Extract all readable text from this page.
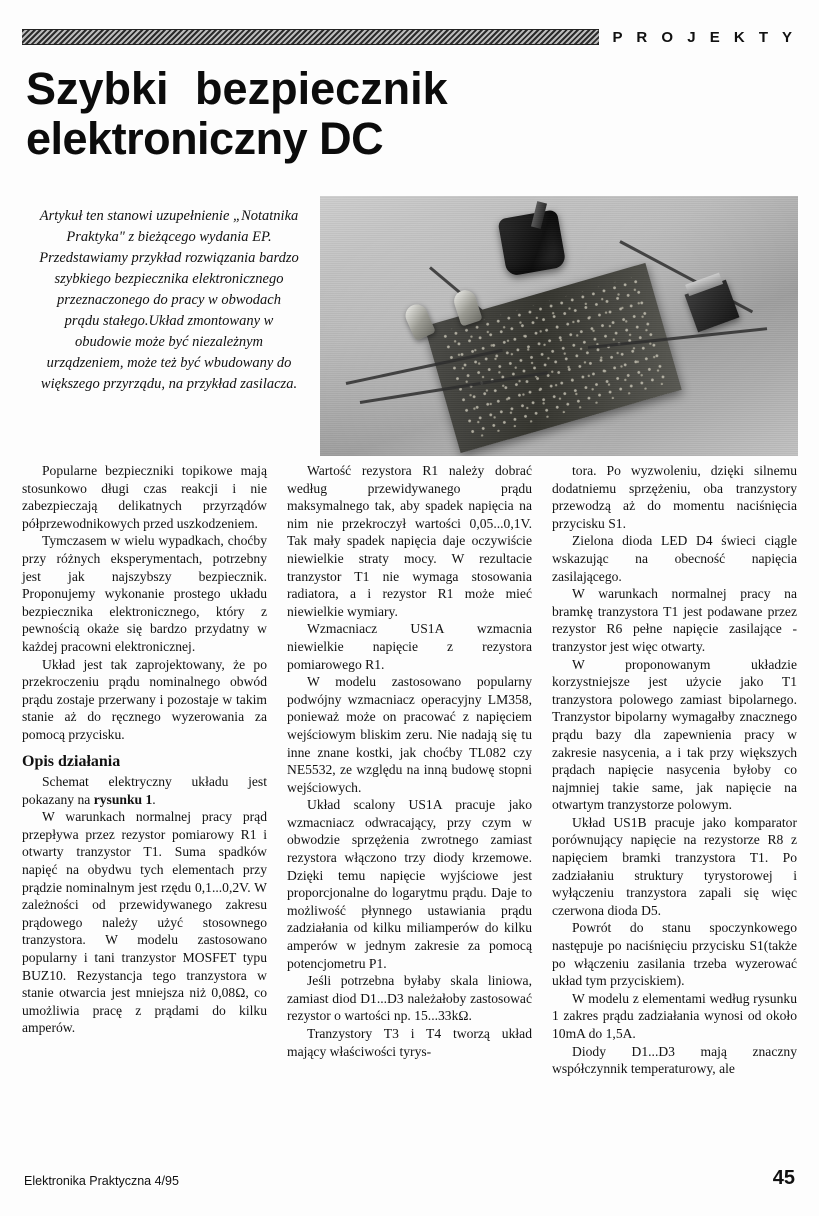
P R O J E K T Y
Szybki bezpiecznik
elektroniczny DC
Artykuł ten stanowi uzupełnienie „Notatnika Praktyka" z bieżącego wydania EP. Przedstawiamy przykład rozwiązania bardzo szybkiego bezpiecznika elektronicznego przeznaczonego do pracy w obwodach prądu stałego.Układ zmontowany w obudowie może być niezależnym urządzeniem, może też być wbudowany do większego przyrządu, na przykład zasilacza.

Popularne bezpieczniki topikowe mają stosunkowo długi czas reakcji i nie zabezpieczają delikatnych przyrządów półprzewodnikowych przed uszkodzeniem.

Tymczasem w wielu wypadkach, choćby przy różnych eksperymentach, potrzebny jest jak najszybszy bezpiecznik. Proponujemy wykonanie prostego układu bezpiecznika elektronicznego, który z pewnością okaże się bardzo przydatny w każdej pracowni elektronicznej.

Układ jest tak zaprojektowany, że po przekroczeniu prądu nominalnego obwód prądu zostaje przerwany i pozostaje w takim stanie aż do ręcznego wyzerowania za pomocą przycisku.

Opis działania

Schemat elektryczny układu jest pokazany na rysunku 1.

W warunkach normalnej pracy prąd przepływa przez rezystor pomiarowy R1 i otwarty tranzystor T1. Suma spadków napięć na obydwu tych elementach przy prądzie nominalnym jest rzędu 0,1...0,2V. W zależności od przewidywanego zakresu prądowego należy użyć stosownego tranzystora. W modelu zastosowano popularny i tani tranzystor MOSFET typu BUZ10. Rezystancja tego tranzystora w stanie otwarcia jest mniejsza niż 0,08Ω, co umożliwia pracę z prądami do kilku amperów.

Wartość rezystora R1 należy dobrać według przewidywanego prądu maksymalnego tak, aby spadek napięcia na nim nie przekroczył wartości 0,05...0,1V. Tak mały spadek napięcia daje oczywiście niewielkie straty mocy. W rezultacie tranzystor T1 nie wymaga stosowania radiatora, a i rezystor R1 może mieć niewielkie wymiary.

Wzmacniacz US1A wzmacnia niewielkie napięcie z rezystora pomiarowego R1.

W modelu zastosowano popularny podwójny wzmacniacz operacyjny LM358, ponieważ może on pracować z napięciem wejściowym bliskim zeru. Nie nadają się tu inne znane kostki, jak choćby TL082 czy NE5532, ze względu na inną budowę stopni wejściowych.

Układ scalony US1A pracuje jako wzmacniacz odwracający, przy czym w obwodzie sprzężenia zwrotnego zamiast rezystora włączono trzy diody krzemowe. Dzięki temu napięcie wyjściowe jest proporcjonalne do logarytmu prądu. Daje to możliwość płynnego ustawiania prądu zadziałania od kilku miliamperów do kilku amperów w jednym zakresie za pomocą potencjometru P1.

Jeśli potrzebna byłaby skala liniowa, zamiast diod D1...D3 należałoby zastosować rezystor o wartości np. 15...33kΩ.

Tranzystory T3 i T4 tworzą układ mający właściwości tyrys-

tora. Po wyzwoleniu, dzięki silnemu dodatniemu sprzężeniu, oba tranzystory przewodzą aż do momentu naciśnięcia przycisku S1.

Zielona dioda LED D4 świeci ciągle wskazując na obecność napięcia zasilającego.

W warunkach normalnej pracy na bramkę tranzystora T1 jest podawane przez rezystor R6 pełne napięcie zasilające - tranzystor jest więc otwarty.

W proponowanym układzie korzystniejsze jest użycie jako T1 tranzystora polowego zamiast bipolarnego. Tranzystor bipolarny wymagałby znacznego prądu bazy dla zapewnienia pracy w zakresie nasycenia, a i tak przy większych prądach napięcie nasycenia byłoby co najmniej takie same, jak napięcie na otwartym tranzystorze polowym.

Układ US1B pracuje jako komparator porównujący napięcie na rezystorze R8 z napięciem bramki tranzystora T1. Po zadziałaniu struktury tyrystorowej i wyłączeniu tranzystora zapali się więc czerwona dioda D5.

Powrót do stanu spoczynkowego następuje po naciśnięciu przycisku S1(także po włączeniu zasilania trzeba wyzerować układ tym przyciskiem).

W modelu z elementami według rysunku 1 zakres prądu zadziałania wynosi od około 10mA do 1,5A.

Diody D1...D3 mają znaczny współczynnik temperaturowy, ale

Elektronika Praktyczna 4/95	45
